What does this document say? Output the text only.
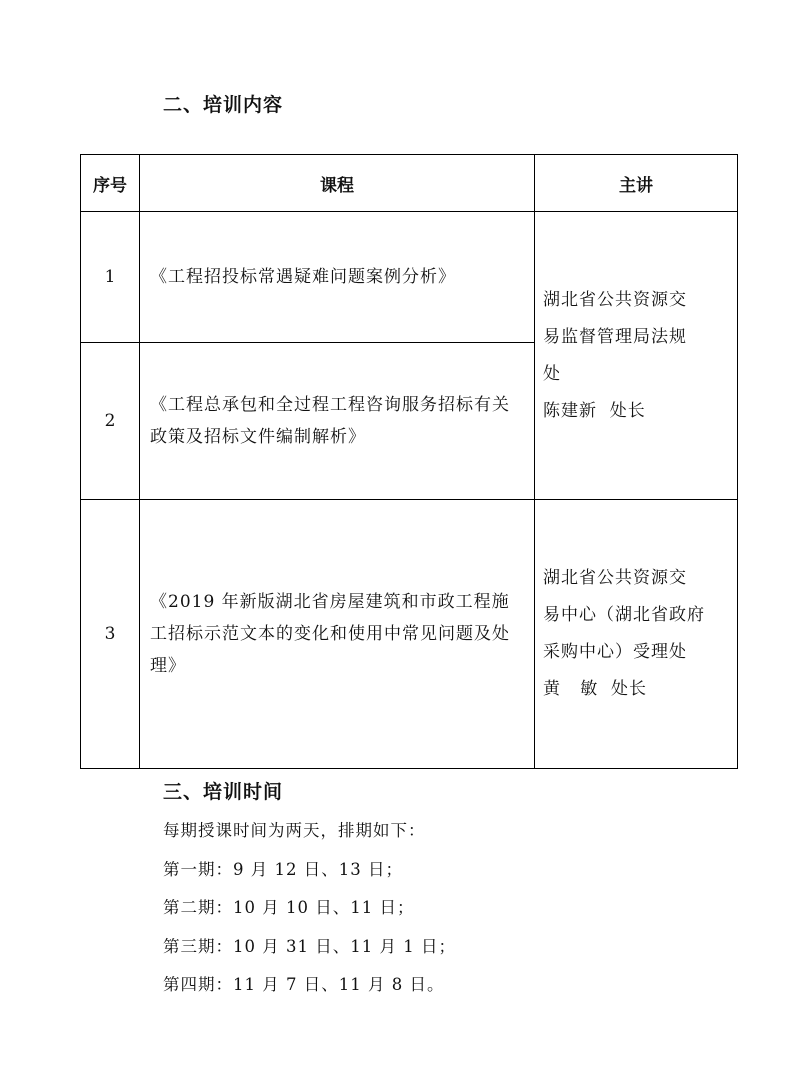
二、培训内容
序号	课程	主讲
1	《工程招投标常遇疑难问题案例分析》	湖北省公共资源交
易监督管理局法规
处
陈建新  处长

2	《工程总承包和全过程工程咨询服务招标有关政策及招标文件编制解析》	
3	《2019 年新版湖北省房屋建筑和市政工程施工招标示范文本的变化和使用中常见问题及处理》	湖北省公共资源交
易中心（湖北省政府
采购中心）受理处
黄   敏  处长
三、培训时间
每期授课时间为两天，排期如下：
第一期：9 月 12 日、13 日；
第二期：10 月 10 日、11 日；
第三期：10 月 31 日、11 月 1 日；
第四期：11 月 7 日、11 月 8 日。
